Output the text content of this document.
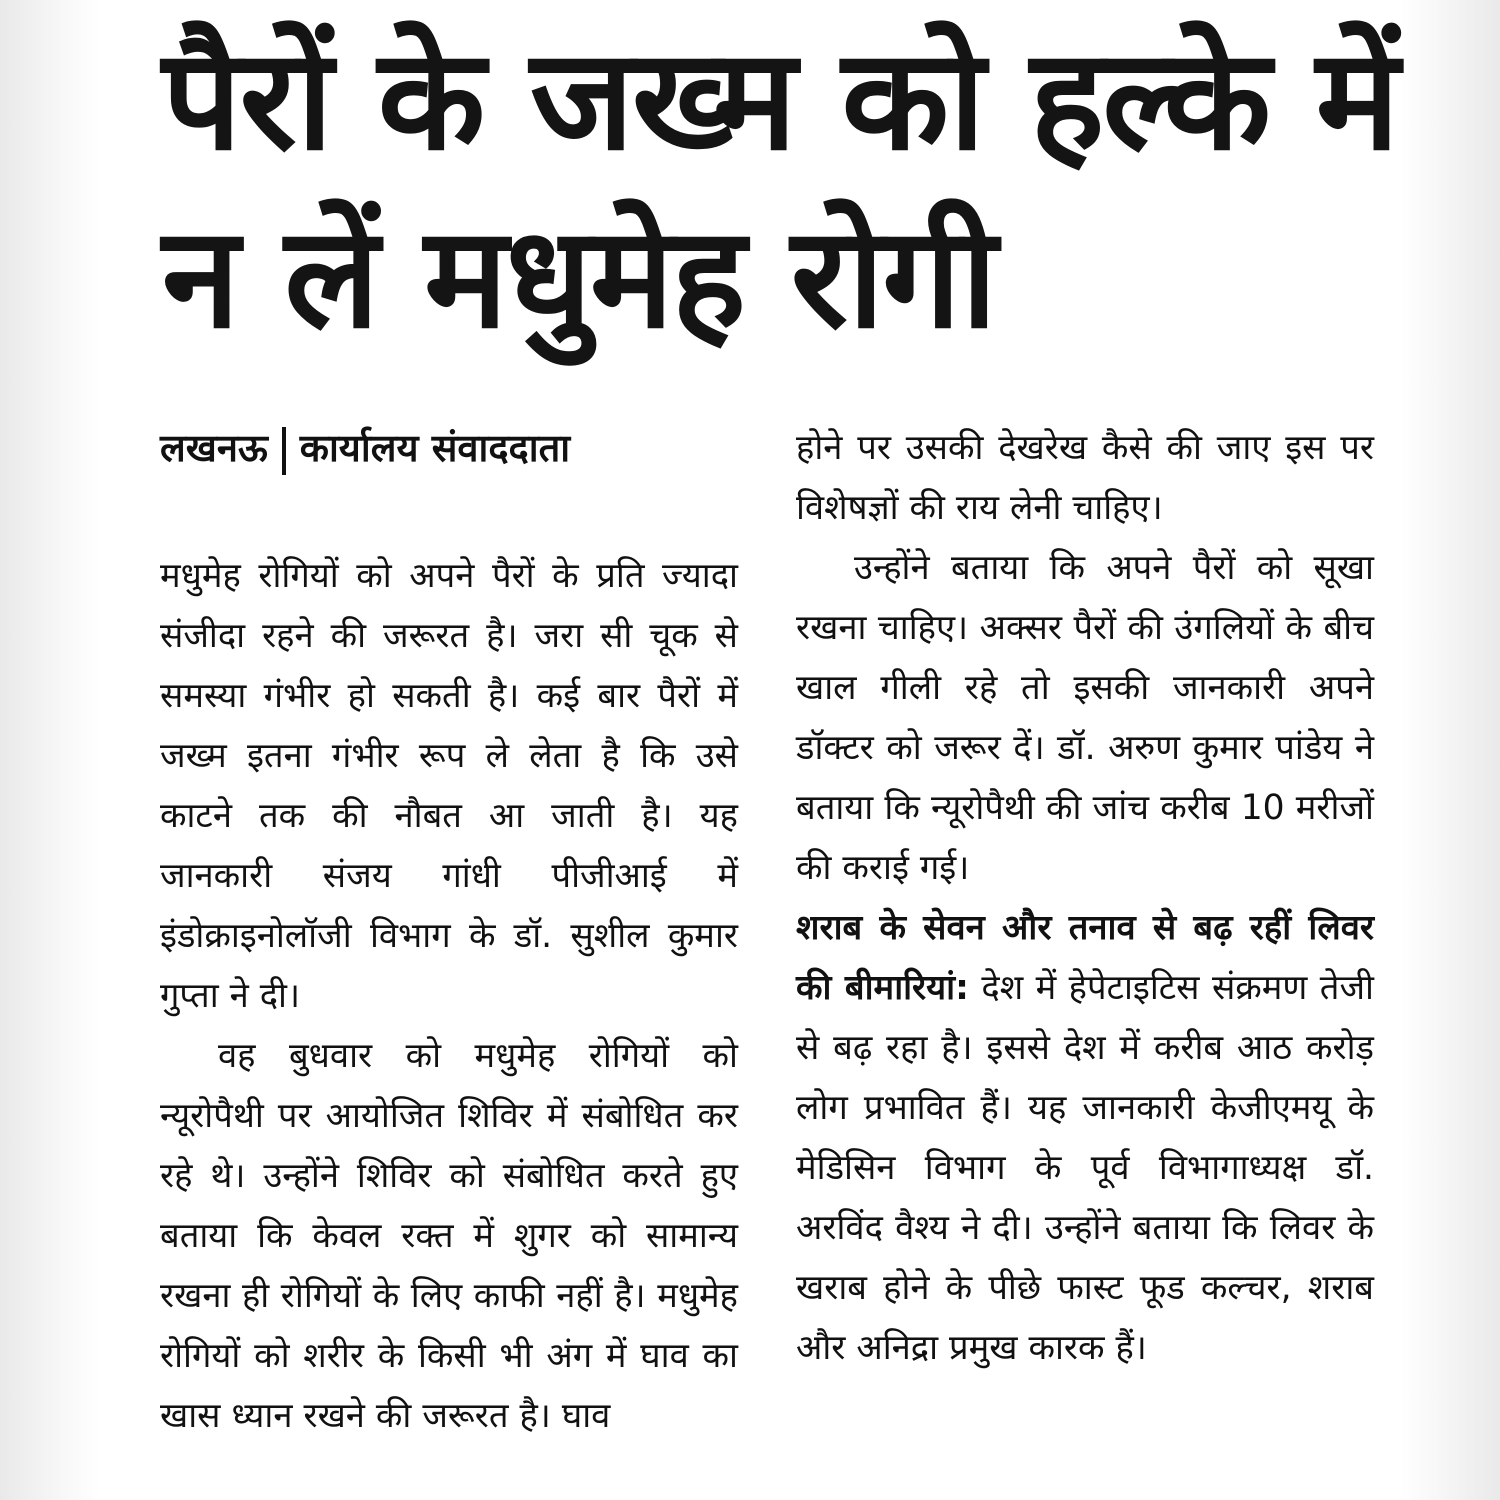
पैरों के जख्म को हल्के में
न लें मधुमेह रोगी
लखनऊ कार्यालय संवाददाता

मधुमेह रोगियों को अपने पैरों के प्रति ज्यादा संजीदा रहने की जरूरत है। जरा सी चूक से समस्या गंभीर हो सकती है। कई बार पैरों में जख्म इतना गंभीर रूप ले लेता है कि उसे काटने तक की नौबत आ जाती है। यह जानकारी संजय गांधी पीजीआई में इंडोक्राइनोलॉजी विभाग के डॉ. सुशील कुमार गुप्ता ने दी।

वह बुधवार को मधुमेह रोगियों को न्यूरोपैथी पर आयोजित शिविर में संबोधित कर रहे थे। उन्होंने शिविर को संबोधित करते हुए बताया कि केवल रक्त में शुगर को सामान्य रखना ही रोगियों के लिए काफी नहीं है। मधुमेह रोगियों को शरीर के किसी भी अंग में घाव का खास ध्यान रखने की जरूरत है। घाव

होने पर उसकी देखरेख कैसे की जाए इस पर विशेषज्ञों की राय लेनी चाहिए।

उन्होंने बताया कि अपने पैरों को सूखा रखना चाहिए। अक्सर पैरों की उंगलियों के बीच खाल गीली रहे तो इसकी जानकारी अपने डॉक्टर को जरूर दें। डॉ. अरुण कुमार पांडेय ने बताया कि न्यूरोपैथी की जांच करीब 10 मरीजों की कराई गई।

शराब के सेवन और तनाव से बढ़ रहीं लिवर की बीमारियां: देश में हेपेटाइटिस संक्रमण तेजी से बढ़ रहा है। इससे देश में करीब आठ करोड़ लोग प्रभावित हैं। यह जानकारी केजीएमयू के मेडिसिन विभाग के पूर्व विभागाध्यक्ष डॉ. अरविंद वैश्य ने दी। उन्होंने बताया कि लिवर के खराब होने के पीछे फास्ट फूड कल्चर, शराब और अनिद्रा प्रमुख कारक हैं।
